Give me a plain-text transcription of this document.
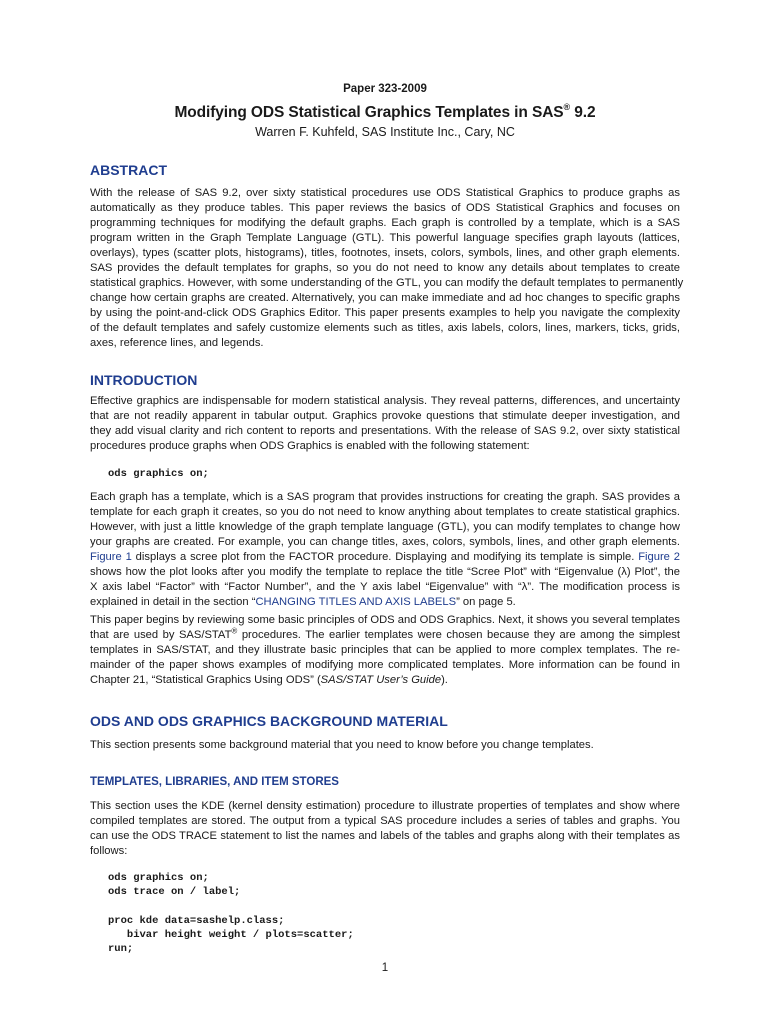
Paper 323-2009
Modifying ODS Statistical Graphics Templates in SAS® 9.2
Warren F. Kuhfeld, SAS Institute Inc., Cary, NC
ABSTRACT

With the release of SAS 9.2, over sixty statistical procedures use ODS Statistical Graphics to produce graphs as
automatically as they produce tables. This paper reviews the basics of ODS Statistical Graphics and focuses on
programming techniques for modifying the default graphs. Each graph is controlled by a template, which is a SAS
program written in the Graph Template Language (GTL). This powerful language specifies graph layouts (lattices,
overlays), types (scatter plots, histograms), titles, footnotes, insets, colors, symbols, lines, and other graph elements.
SAS provides the default templates for graphs, so you do not need to know any details about templates to create
statistical graphics. However, with some understanding of the GTL, you can modify the default templates to permanently
change how certain graphs are created. Alternatively, you can make immediate and ad hoc changes to specific graphs
by using the point-and-click ODS Graphics Editor. This paper presents examples to help you navigate the complexity
of the default templates and safely customize elements such as titles, axis labels, colors, lines, markers, ticks, grids,
axes, reference lines, and legends.

INTRODUCTION

Effective graphics are indispensable for modern statistical analysis. They reveal patterns, differences, and uncertainty
that are not readily apparent in tabular output. Graphics provoke questions that stimulate deeper investigation, and
they add visual clarity and rich content to reports and presentations. With the release of SAS 9.2, over sixty statistical
procedures produce graphs when ODS Graphics is enabled with the following statement:

ods graphics on;

Each graph has a template, which is a SAS program that provides instructions for creating the graph. SAS provides a
template for each graph it creates, so you do not need to know anything about templates to create statistical graphics.
However, with just a little knowledge of the graph template language (GTL), you can modify templates to change how
your graphs are created. For example, you can change titles, axes, colors, symbols, lines, and other graph elements.
Figure 1 displays a scree plot from the FACTOR procedure. Displaying and modifying its template is simple. Figure 2
shows how the plot looks after you modify the template to replace the title “Scree Plot” with “Eigenvalue (λ) Plot”, the
X axis label “Factor” with “Factor Number”, and the Y axis label “Eigenvalue” with “λ”. The modification process is
explained in detail in the section “CHANGING TITLES AND AXIS LABELS” on page 5.

This paper begins by reviewing some basic principles of ODS and ODS Graphics. Next, it shows you several templates
that are used by SAS/STAT® procedures. The earlier templates were chosen because they are among the simplest
templates in SAS/STAT, and they illustrate basic principles that can be applied to more complex templates. The re-
mainder of the paper shows examples of modifying more complicated templates. More information can be found in
Chapter 21, “Statistical Graphics Using ODS” (SAS/STAT User’s Guide).

ODS AND ODS GRAPHICS BACKGROUND MATERIAL

This section presents some background material that you need to know before you change templates.

TEMPLATES, LIBRARIES, AND ITEM STORES

This section uses the KDE (kernel density estimation) procedure to illustrate properties of templates and show where
compiled templates are stored. The output from a typical SAS procedure includes a series of tables and graphs. You
can use the ODS TRACE statement to list the names and labels of the tables and graphs along with their templates as
follows:

ods graphics on;
ods trace on / label;

proc kde data=sashelp.class;
bivar height weight / plots=scatter;
run;
1
